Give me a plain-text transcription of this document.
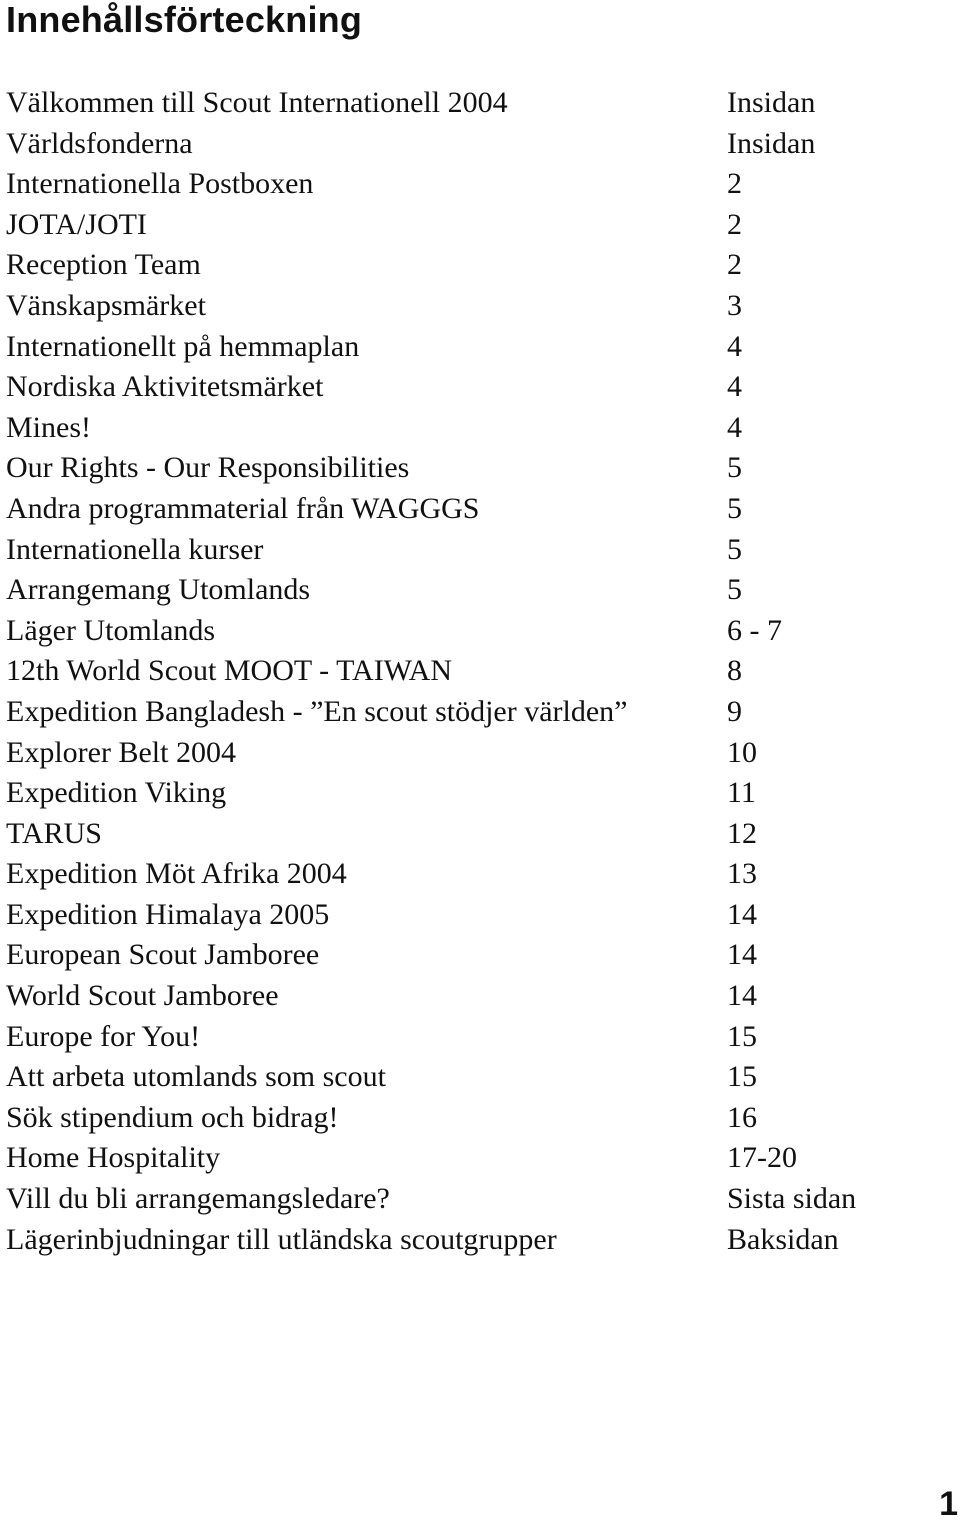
Innehållsförteckning
Välkommen till Scout Internationell 2004	Insidan
Världsfonderna	Insidan
Internationella Postboxen	2
JOTA/JOTI	2
Reception Team	2
Vänskapsmärket	3
Internationellt på hemmaplan	4
Nordiska Aktivitetsmärket	4
Mines!	4
Our Rights - Our Responsibilities	5
Andra programmaterial från WAGGGS	5
Internationella kurser	5
Arrangemang Utomlands	5
Läger Utomlands	6 - 7
12th World Scout MOOT - TAIWAN	8
Expedition Bangladesh - ”En scout stödjer världen”	9
Explorer Belt 2004	10
Expedition Viking	11
TARUS	12
Expedition Möt Afrika 2004	13
Expedition Himalaya 2005	14
European Scout Jamboree	14
World Scout Jamboree	14
Europe for You!	15
Att arbeta utomlands som scout	15
Sök stipendium och bidrag!	16
Home Hospitality	17-20
Vill du bli arrangemangsledare?	Sista sidan
Lägerinbjudningar till utländska scoutgrupper	Baksidan
1
